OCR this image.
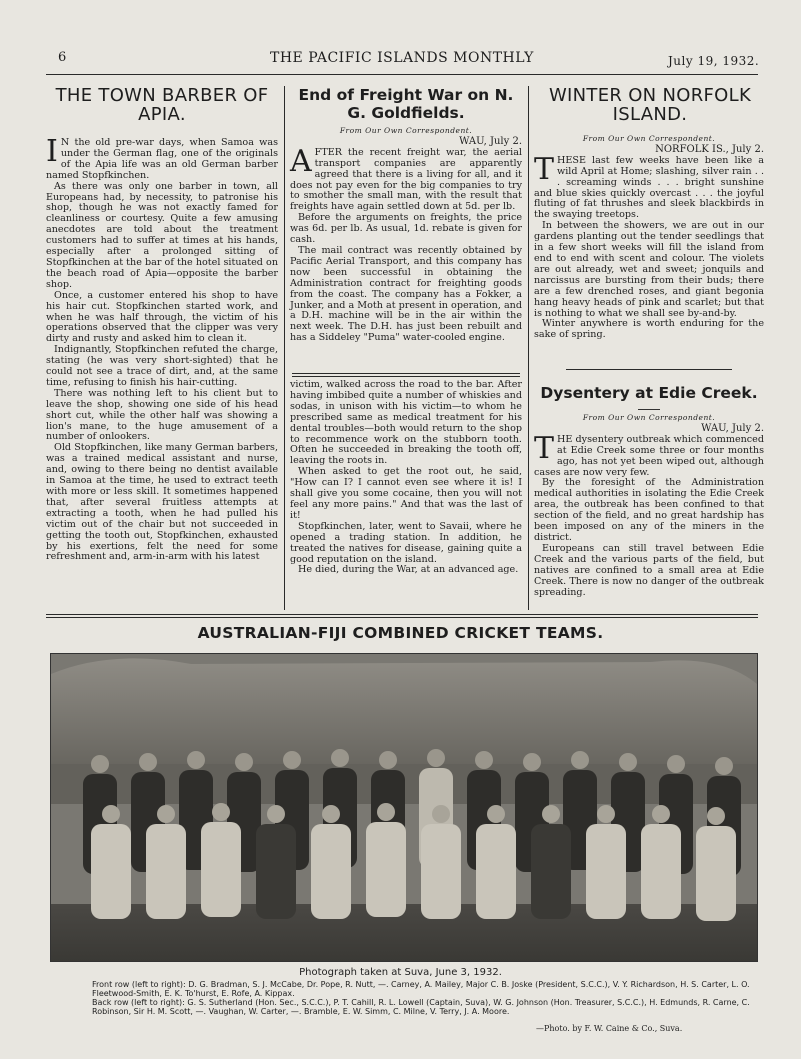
6	THE PACIFIC ISLANDS MONTHLY	July 19, 1932.
THE TOWN BARBER OF APIA.

I N the old pre-war days, when Samoa was under the German flag, one of the originals of the Apia life was an old German barber named Stopfkinchen.

As there was only one barber in town, all Europeans had, by necessity, to patronise his shop, though he was not exactly famed for cleanliness or courtesy. Quite a few amusing anecdotes are told about the treatment customers had to suffer at times at his hands, especially after a prolonged sitting of Stopfkinchen at the bar of the hotel situated on the beach road of Apia—opposite the barber shop.

Once, a customer entered his shop to have his hair cut. Stopfkinchen started work, and when he was half through, the victim of his operations observed that the clipper was very dirty and rusty and asked him to clean it.

Indignantly, Stopfkinchen refuted the charge, stating (he was very short-sighted) that he could not see a trace of dirt, and, at the same time, refusing to finish his hair-cutting.

There was nothing left to his client but to leave the shop, showing one side of his head short cut, while the other half was showing a lion's mane, to the huge amusement of a number of onlookers.

Old Stopfkinchen, like many German barbers, was a trained medical assistant and nurse, and, owing to there being no dentist available in Samoa at the time, he used to extract teeth with more or less skill. It sometimes happened that, after several fruitless attempts at extracting a tooth, when he had pulled his victim out of the chair but not succeeded in getting the tooth out, Stopfkinchen, exhausted by his exertions, felt the need for some refreshment and, arm-in-arm with his latest

End of Freight War on N. G. Goldfields.
From Our Own Correspondent.
WAU, July 2.

AFTER the recent freight war, the aerial transport companies are apparently agreed that there is a living for all, and it does not pay even for the big companies to try to smother the small man, with the result that freights have again settled down at 5d. per lb.

Before the arguments on freights, the price was 6d. per lb. As usual, 1d. rebate is given for cash.

The mail contract was recently obtained by Pacific Aerial Transport, and this company has now been successful in obtaining the Administration contract for freighting goods from the coast. The company has a Fokker, a Junker, and a Moth at present in operation, and a D.H. machine will be in the air within the next week. The D.H. has just been rebuilt and has a Siddeley "Puma" water-cooled engine.

victim, walked across the road to the bar. After having imbibed quite a number of whiskies and sodas, in unison with his victim—to whom he prescribed same as medical treatment for his dental troubles—both would return to the shop to recommence work on the stubborn tooth. Often he succeeded in breaking the tooth off, leaving the roots in.

When asked to get the root out, he said, "How can I? I cannot even see where it is! I shall give you some cocaine, then you will not feel any more pains." And that was the last of it!

Stopfkinchen, later, went to Savaii, where he opened a trading station. In addition, he treated the natives for disease, gaining quite a good reputation on the island.

He died, during the War, at an advanced age.

WINTER ON NORFOLK ISLAND.
From Our Own Correspondent.
NORFOLK IS., July 2.

THESE last few weeks have been like a wild April at Home; slashing, silver rain . . . screaming winds . . . bright sunshine and blue skies quickly overcast . . . the joyful fluting of fat thrushes and sleek blackbirds in the swaying treetops.

In between the showers, we are out in our gardens planting out the tender seedlings that in a few short weeks will fill the island from end to end with scent and colour. The violets are out already, wet and sweet; jonquils and narcissus are bursting from their buds; there are a few drenched roses, and giant begonia hang heavy heads of pink and scarlet; but that is nothing to what we shall see by-and-by.

Winter anywhere is worth enduring for the sake of spring.

Dysentery at Edie Creek.
From Our Own Correspondent.
WAU, July 2.

THE dysentery outbreak which commenced at Edie Creek some three or four months ago, has not yet been wiped out, although cases are now very few.

By the foresight of the Administration medical authorities in isolating the Edie Creek area, the outbreak has been confined to that section of the field, and no great hardship has been imposed on any of the miners in the district.

Europeans can still travel between Edie Creek and the various parts of the field, but natives are confined to a small area at Edie Creek. There is now no danger of the outbreak spreading.

AUSTRALIAN-FIJI COMBINED CRICKET TEAMS.
Photograph taken at Suva, June 3, 1932.
Front row (left to right): D. G. Bradman, S. J. McCabe, Dr. Pope, R. Nutt, —. Carney, A. Mailey, Major C. B. Joske (President, S.C.C.), V. Y. Richardson, H. S. Carter, L. O. Fleetwood-Smith, E. K. To'hurst, E. Rofe, A. Kippax.
Back row (left to right): G. S. Sutherland (Hon. Sec., S.C.C.), P. T. Cahill, R. L. Lowell (Captain, Suva), W. G. Johnson (Hon. Treasurer, S.C.C.), H. Edmunds, R. Carne, C. Robinson, Sir H. M. Scott, —. Vaughan, W. Carter, —. Bramble, E. W. Simm, C. Milne, V. Terry, J. A. Moore.
—Photo. by F. W. Caine & Co., Suva.
